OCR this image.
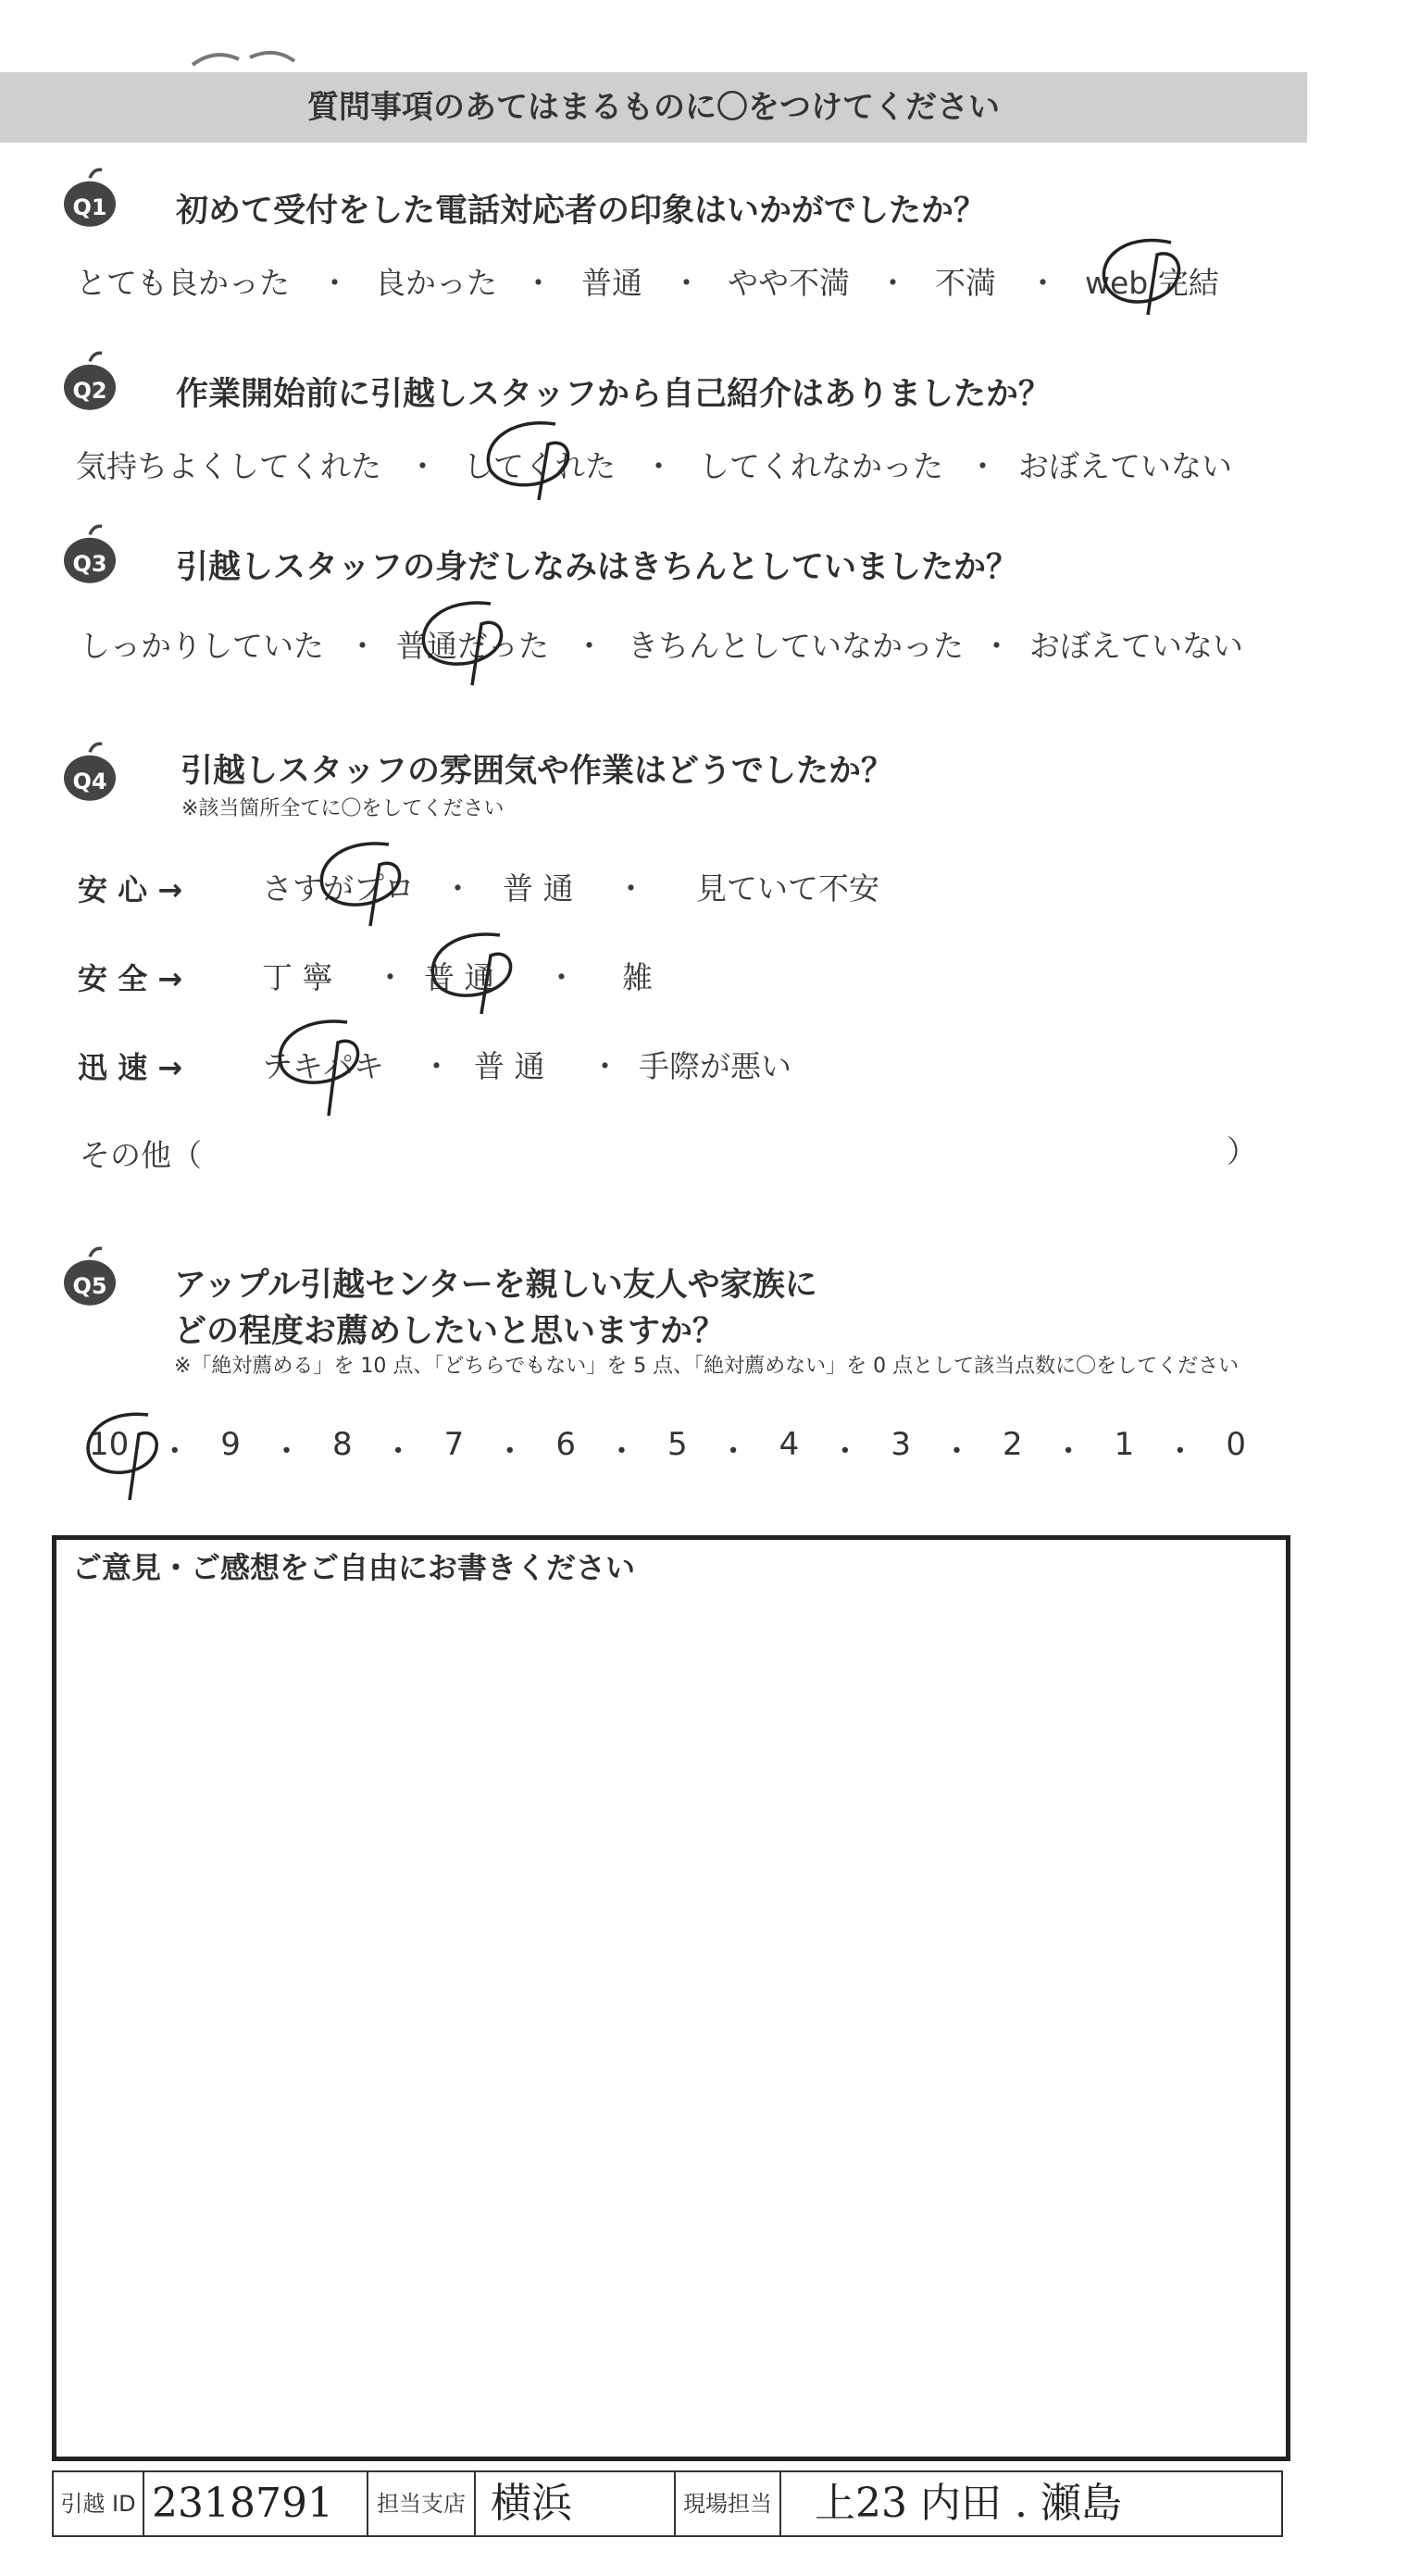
質問事項のあてはまるものに〇をつけてください
Q1	初めて受付をした電話対応者の印象はいかがでしたか？
とても良かった ・ 良かった ・ 普通 ・ やや不満 ・ 不満 ・ web 完結
Q2	作業開始前に引越しスタッフから自己紹介はありましたか？
気持ちよくしてくれた ・ してくれた ・ してくれなかった ・ おぼえていない
Q3	引越しスタッフの身だしなみはきちんとしていましたか？
しっかりしていた ・ 普通だった ・ きちんとしていなかった ・ おぼえていない
Q4	引越しスタッフの雰囲気や作業はどうでしたか？
※該当箇所全てに〇をしてください
安 心 →	さすがプロ ・ 普 通 ・ 見ていて不安
安 全 →	丁 寧 ・ 普 通 ・ 雑
迅 速 →	テキパキ ・ 普 通 ・ 手際が悪い
その他（	）
Q5	アップル引越センターを親しい友人や家族に
どの程度お薦めしたいと思いますか？
※「絶対薦める」を 10 点、「どちらでもない」を 5 点、「絶対薦めない」を 0 点として該当点数に〇をしてください
10 ・ 9 ・ 8 ・ 7 ・ 6 ・ 5 ・ 4 ・ 3 ・ 2 ・ 1 ・ 0
ご意見・ご感想をご自由にお書きください
引越 ID 2318791	担当支店 横浜	現場担当 上23 内田 . 瀬島
